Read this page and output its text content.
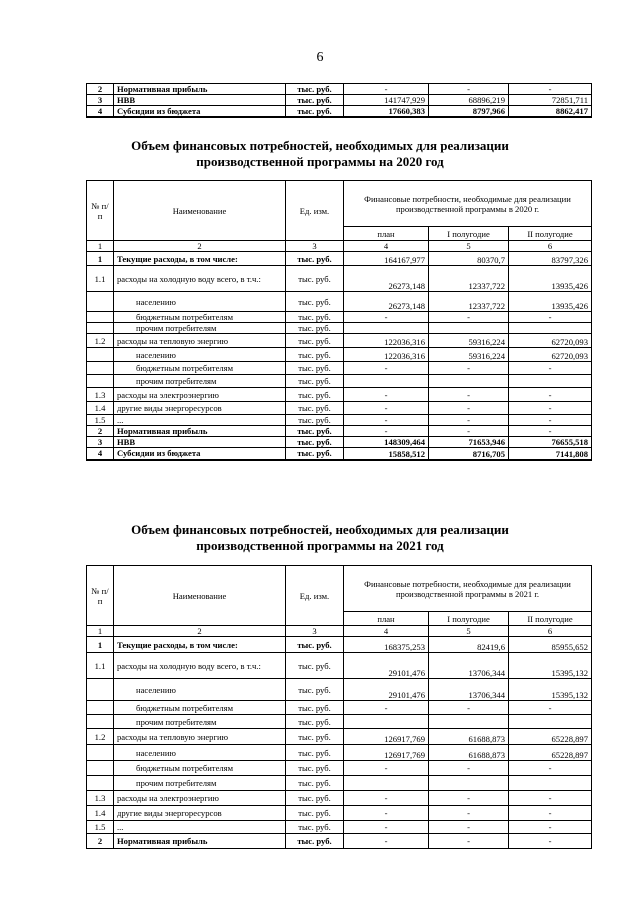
6
2	Нормативная прибыль	тыс. руб.	-	-	-
3	НВВ	тыс. руб.	141747,929	68896,219	72851,711
4	Субсидии из бюджета	тыс. руб.	17660,383	8797,966	8862,417
Объем финансовых потребностей, необходимых для реализации
производственной программы на 2020 год
№ п/п	Наименование	Ед. изм.	Финансовые потребности, необходимые для реализации производственной программы в 2020 г.		
			план	I полугодие	II полугодие
1	2	3	4	5	6
1	Текущие расходы, в том числе:	тыс. руб.	164167,977	80370,7	83797,326
1.1	расходы на холодную воду всего, в т.ч.:	тыс. руб.	26273,148	12337,722	13935,426
	населению	тыс. руб.	26273,148	12337,722	13935,426
	бюджетным потребителям	тыс. руб.	-	-	-
	прочим потребителям	тыс. руб.			
1.2	расходы на тепловую энергию	тыс. руб.	122036,316	59316,224	62720,093
	населению	тыс. руб.	122036,316	59316,224	62720,093
	бюджетным потребителям	тыс. руб.	-	-	-
	прочим потребителям	тыс. руб.			
1.3	расходы на электроэнергию	тыс. руб.	-	-	-
1.4	другие виды энергоресурсов	тыс. руб.	-	-	-
1.5	...	тыс. руб.	-	-	-
2	Нормативная прибыль	тыс. руб.	-	-	-
3	НВВ	тыс. руб.	148309,464	71653,946	76655,518
4	Субсидии из бюджета	тыс. руб.	15858,512	8716,705	7141,808
Объем финансовых потребностей, необходимых для реализации
производственной программы на 2021 год
№ п/п	Наименование	Ед. изм.	Финансовые потребности, необходимые для реализации производственной программы в 2021 г.		
			план	I полугодие	II полугодие
1	2	3	4	5	6
1	Текущие расходы, в том числе:	тыс. руб.	168375,253	82419,6	85955,652
1.1	расходы на холодную воду всего, в т.ч.:	тыс. руб.	29101,476	13706,344	15395,132
	населению	тыс. руб.	29101,476	13706,344	15395,132
	бюджетным потребителям	тыс. руб.	-	-	-
	прочим потребителям	тыс. руб.			
1.2	расходы на тепловую энергию	тыс. руб.	126917,769	61688,873	65228,897
	населению	тыс. руб.	126917,769	61688,873	65228,897
	бюджетным потребителям	тыс. руб.	-	-	-
	прочим потребителям	тыс. руб.			
1.3	расходы на электроэнергию	тыс. руб.	-	-	-
1.4	другие виды энергоресурсов	тыс. руб.	-	-	-
1.5	...	тыс. руб.	-	-	-
2	Нормативная прибыль	тыс. руб.	-	-	-
